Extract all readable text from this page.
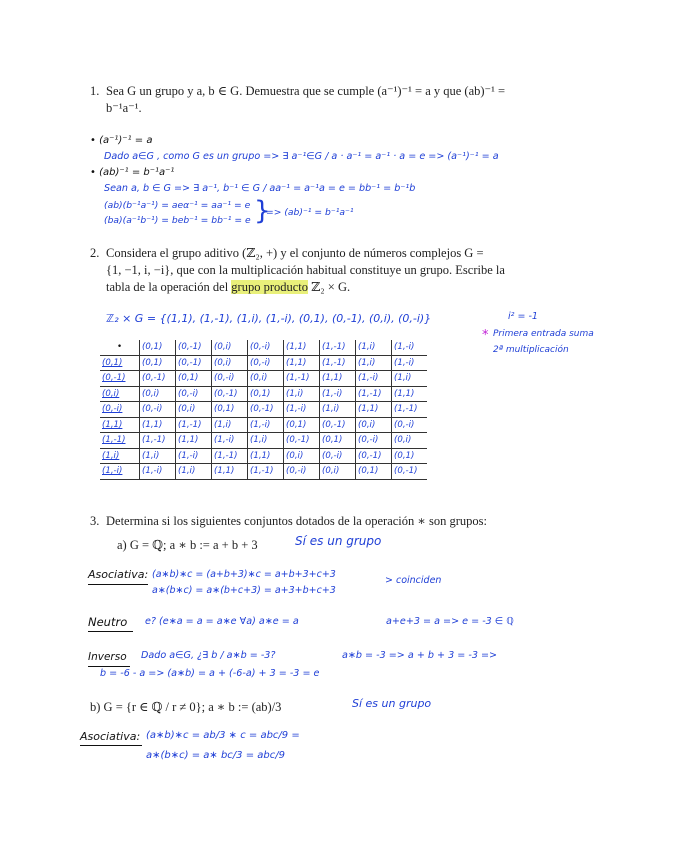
1. Sea G un grupo y a, b ∈ G. Demuestra que se cumple (a⁻¹)⁻¹ = a y que (ab)⁻¹ =
b⁻¹a⁻¹.
• (a⁻¹)⁻¹ = a
Dado a∈G , como G es un grupo => ∃ a⁻¹∈G / a · a⁻¹ = a⁻¹ · a = e => (a⁻¹)⁻¹ = a
• (ab)⁻¹ = b⁻¹a⁻¹
Sean a, b ∈ G => ∃ a⁻¹, b⁻¹ ∈ G / aa⁻¹ = a⁻¹a = e = bb⁻¹ = b⁻¹b
(ab)(b⁻¹a⁻¹) = aeα⁻¹ = aa⁻¹ = e
(ba)(a⁻¹b⁻¹) = beb⁻¹ = bb⁻¹ = e }
=> (ab)⁻¹ = b⁻¹a⁻¹
2. Considera el grupo aditivo (ℤ₂, +) y el conjunto de números complejos G =
{1, −1, i, −i}, que con la multiplicación habitual constituye un grupo. Escribe la
tabla de la operación del grupo producto ℤ₂ × G.
ℤ₂ × G = {(1,1), (1,-1), (1,i), (1,-i), (0,1), (0,-1), (0,i), (0,-i)}	i² = -1
* Primera entrada suma
2ª multiplicación
•	(0,1)	(0,-1)	(0,i)	(0,-i)	(1,1)	(1,-1)	(1,i)	(1,-i)
(0,1)	(0,1)	(0,-1)	(0,i)	(0,-i)	(1,1)	(1,-1)	(1,i)	(1,-i)
(0,-1)	(0,-1)	(0,1)	(0,-i)	(0,i)	(1,-1)	(1,1)	(1,-i)	(1,i)
(0,i)	(0,i)	(0,-i)	(0,-1)	(0,1)	(1,i)	(1,-i)	(1,-1)	(1,1)
(0,-i)	(0,-i)	(0,i)	(0,1)	(0,-1)	(1,-i)	(1,i)	(1,1)	(1,-1)
(1,1)	(1,1)	(1,-1)	(1,i)	(1,-i)	(0,1)	(0,-1)	(0,i)	(0,-i)
(1,-1)	(1,-1)	(1,1)	(1,-i)	(1,i)	(0,-1)	(0,1)	(0,-i)	(0,i)
(1,i)	(1,i)	(1,-i)	(1,-1)	(1,1)	(0,i)	(0,-i)	(0,-1)	(0,1)
(1,-i)	(1,-i)	(1,i)	(1,1)	(1,-1)	(0,-i)	(0,i)	(0,1)	(0,-1)
3. Determina si los siguientes conjuntos dotados de la operación ∗ son grupos:
a) G = ℚ; a ∗ b := a + b + 3	Sí es un grupo
Asociativa: (a∗b)∗c = (a+b+3)∗c = a+b+3+c+3
a∗(b∗c) = a∗(b+c+3) = a+3+b+c+3
> coinciden
Neutro e? (e∗a = a = a∗e ∀a) a∗e = a	a+e+3 = a => e = -3 ∈ ℚ
Inverso Dado a∈G, ¿∃ b / a∗b = -3?	a∗b = -3 => a + b + 3 = -3 =>
b = -6 - a => (a∗b) = a + (-6-a) + 3 = -3 = e
b) G = {r ∈ ℚ / r ≠ 0}; a ∗ b := (ab)/3	Sí es un grupo
Asociativa: (a∗b)∗c = ab/3 ∗ c = abc/9 =
a∗(b∗c) = a∗ bc/3 = abc/9
